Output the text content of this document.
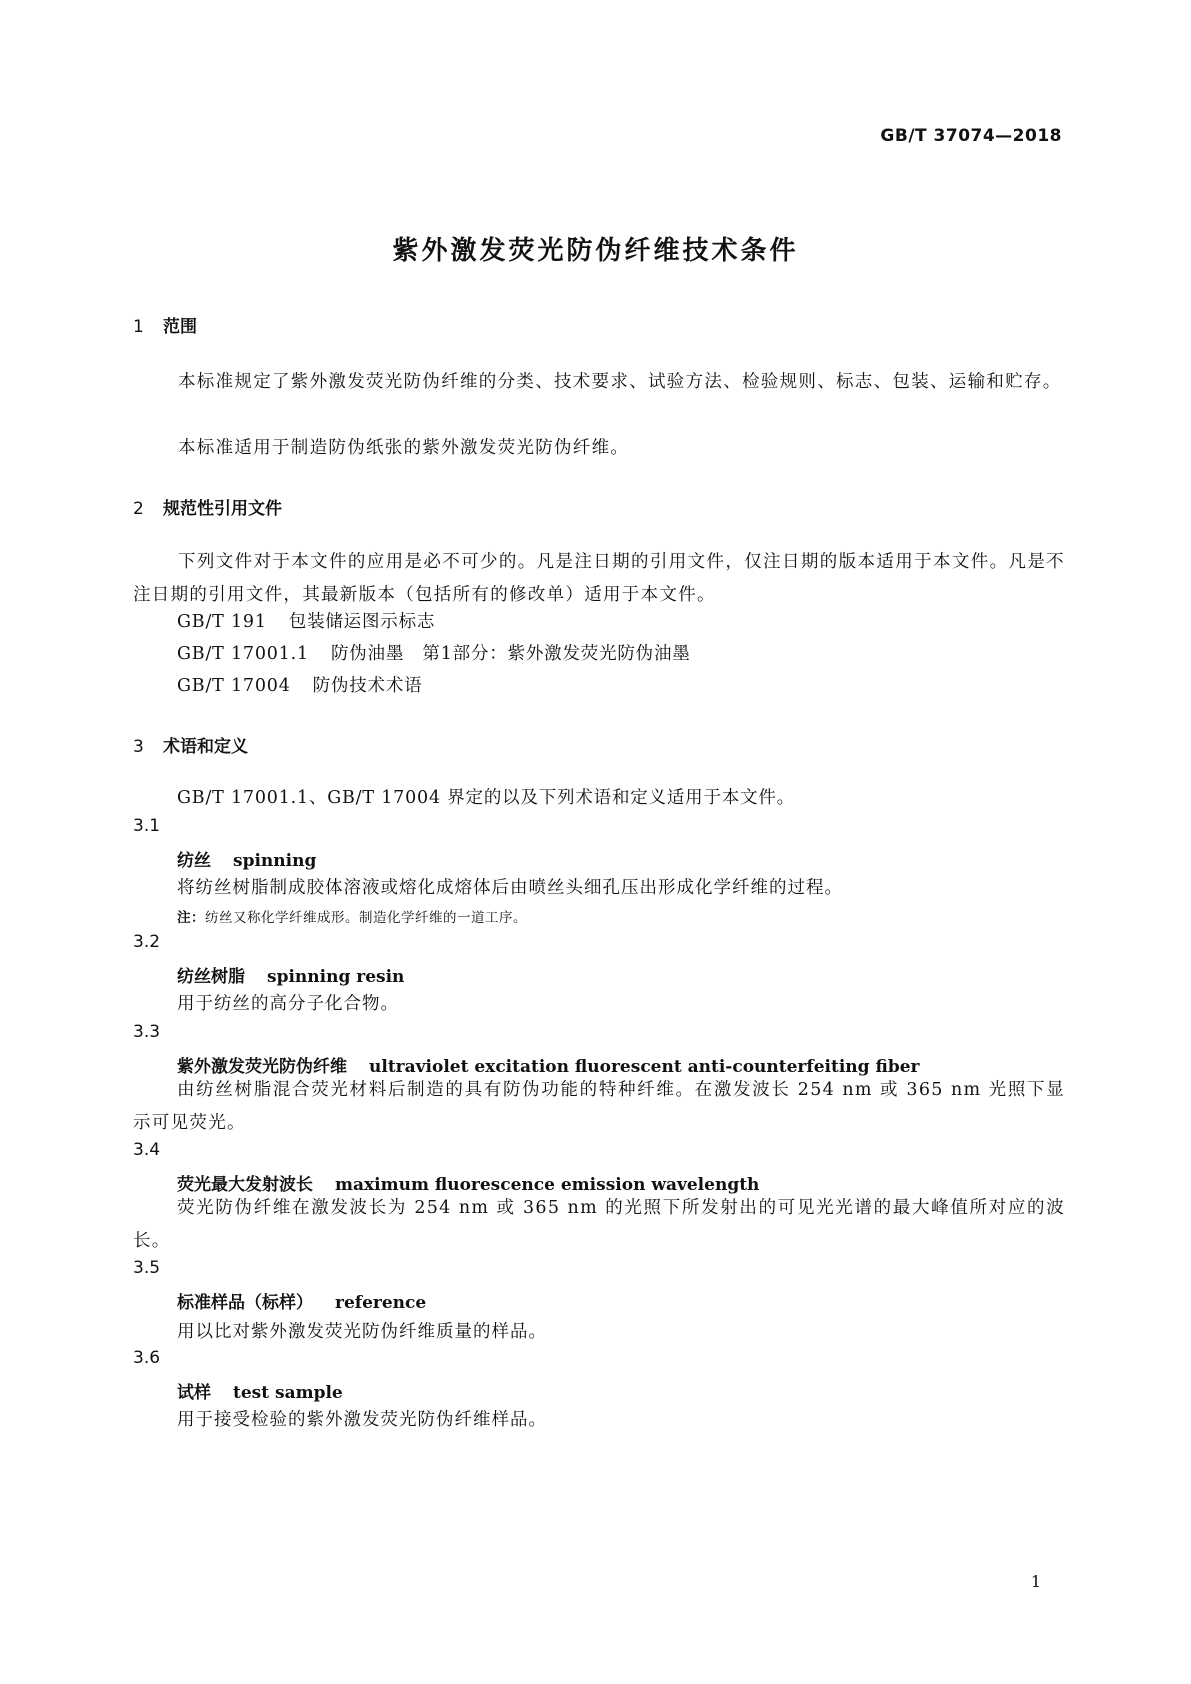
GB/T 37074—2018
紫外激发荧光防伪纤维技术条件
1 范围
本标准规定了紫外激发荧光防伪纤维的分类、技术要求、试验方法、检验规则、标志、包装、运输和贮存。
本标准适用于制造防伪纸张的紫外激发荧光防伪纤维。
2 规范性引用文件
下列文件对于本文件的应用是必不可少的。凡是注日期的引用文件，仅注日期的版本适用于本文件。凡是不注日期的引用文件，其最新版本（包括所有的修改单）适用于本文件。
GB/T 191 包装储运图示标志
GB/T 17001.1 防伪油墨　第1部分：紫外激发荧光防伪油墨
GB/T 17004 防伪技术术语
3 术语和定义
GB/T 17001.1、GB/T 17004 界定的以及下列术语和定义适用于本文件。
3.1
纺丝 spinning
将纺丝树脂制成胶体溶液或熔化成熔体后由喷丝头细孔压出形成化学纤维的过程。
注：纺丝又称化学纤维成形。制造化学纤维的一道工序。
3.2
纺丝树脂 spinning resin
用于纺丝的高分子化合物。
3.3
紫外激发荧光防伪纤维 ultraviolet excitation fluorescent anti-counterfeiting fiber
由纺丝树脂混合荧光材料后制造的具有防伪功能的特种纤维。在激发波长 254 nm 或 365 nm 光照下显示可见荧光。
3.4
荧光最大发射波长 maximum fluorescence emission wavelength
荧光防伪纤维在激发波长为 254 nm 或 365 nm 的光照下所发射出的可见光光谱的最大峰值所对应的波长。
3.5
标准样品（标样） reference
用以比对紫外激发荧光防伪纤维质量的样品。
3.6
试样 test sample
用于接受检验的紫外激发荧光防伪纤维样品。
1
